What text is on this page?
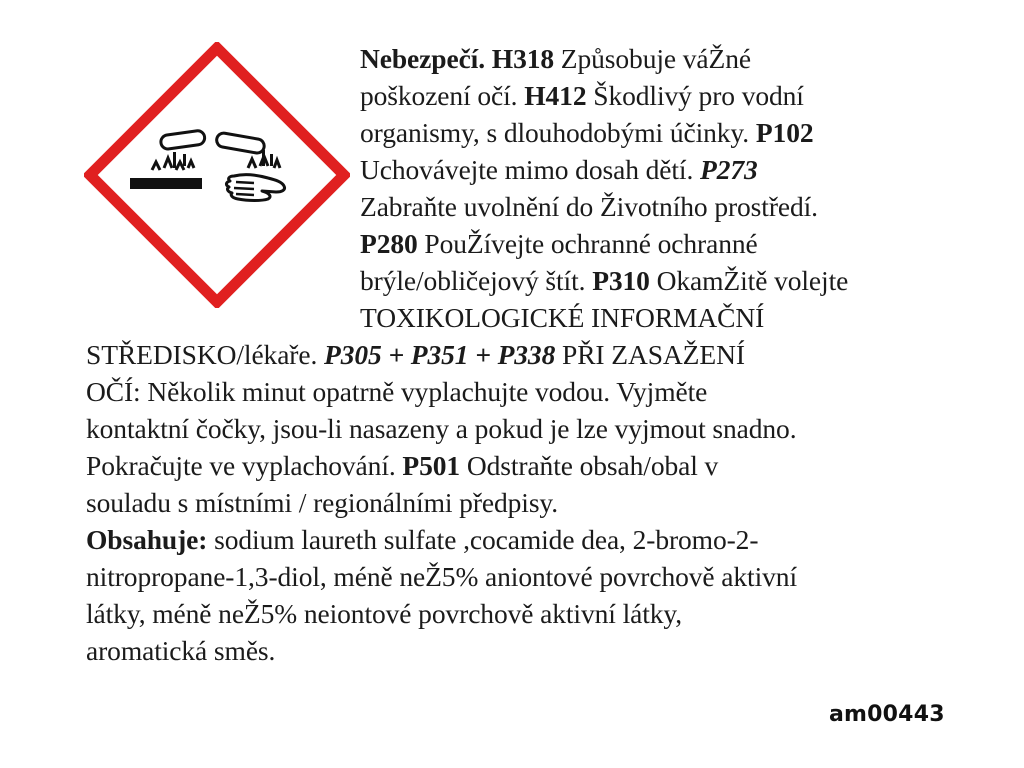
Nebezpečí. H318 Způsobuje váŽné
poškození očí. H412 Škodlivý pro vodní
organismy, s dlouhodobými účinky. P102
Uchovávejte mimo dosah dětí. P273
Zabraňte uvolnění do Životního prostředí.
P280 PouŽívejte ochranné ochranné
brýle/obličejový štít. P310 OkamŽitě volejte
TOXIKOLOGICKÉ INFORMAČNÍ
STŘEDISKO/lékaře. P305 + P351 + P338 PŘI ZASAŽENÍ
OČÍ: Několik minut opatrně vyplachujte vodou. Vyjměte
kontaktní čočky, jsou-li nasazeny a pokud je lze vyjmout snadno.
Pokračujte ve vyplachování. P501 Odstraňte obsah/obal v
souladu s místními / regionálními předpisy.
Obsahuje: sodium laureth sulfate ,cocamide dea, 2-bromo-2-
nitropropane-1,3-diol, méně neŽ5% aniontové povrchově aktivní
látky, méně neŽ5% neiontové povrchově aktivní látky,
aromatická směs.
am00443
